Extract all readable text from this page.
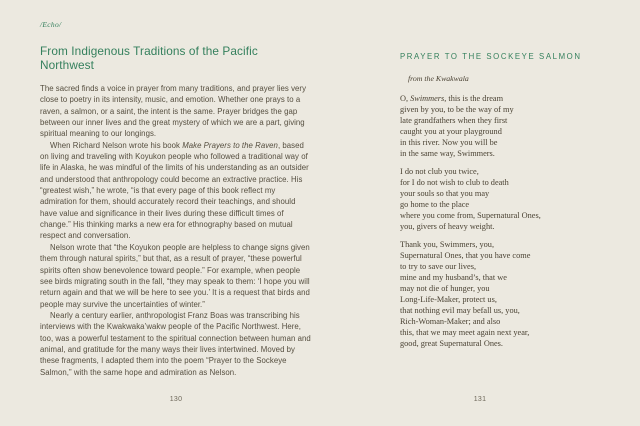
/Echo/
From Indigenous Traditions of the Pacific Northwest

The sacred finds a voice in prayer from many traditions, and prayer lies very close to poetry in its intensity, music, and emotion. Whether one prays to a raven, a salmon, or a saint, the intent is the same. Prayer bridges the gap between our inner lives and the great mystery of which we are a part, giving spiritual meaning to our longings.

When Richard Nelson wrote his book Make Prayers to the Raven, based on living and traveling with Koyukon people who followed a traditional way of life in Alaska, he was mindful of the limits of his understanding as an outsider and understood that anthropology could become an extractive practice. His “greatest wish,” he wrote, “is that every page of this book reflect my admiration for them, should accurately record their teachings, and should have value and significance in their lives during these difficult times of change.” His thinking marks a new era for ethnography based on mutual respect and conversation.

Nelson wrote that “the Koyukon people are helpless to change signs given them through natural spirits,” but that, as a result of prayer, “these powerful spirits often show benevolence toward people.” For example, when people see birds migrating south in the fall, “they may speak to them: ‘I hope you will return again and that we will be here to see you.’ It is a request that birds and people may survive the uncertainties of winter.”

Nearly a century earlier, anthropologist Franz Boas was transcribing his interviews with the Kwakwaka’wakw people of the Pacific Northwest. Here, too, was a powerful testament to the spiritual connection between human and animal, and gratitude for the many ways their lives intertwined. Moved by these fragments, I adapted them into the poem “Prayer to the Sockeye Salmon,” with the same hope and admiration as Nelson.

130
PRAYER TO THE SOCKEYE SALMON
from the Kwakwala
O, Swimmers, this is the dream
given by you, to be the way of my
late grandfathers when they first
caught you at your playground
in this river. Now you will be
in the same way, Swimmers.
I do not club you twice,
for I do not wish to club to death
your souls so that you may
go home to the place
where you come from, Supernatural Ones,
you, givers of heavy weight.
Thank you, Swimmers, you,
Supernatural Ones, that you have come
to try to save our lives,
mine and my husband’s, that we
may not die of hunger, you
Long-Life-Maker, protect us,
that nothing evil may befall us, you,
Rich-Woman-Maker; and also
this, that we may meet again next year,
good, great Supernatural Ones.
131
